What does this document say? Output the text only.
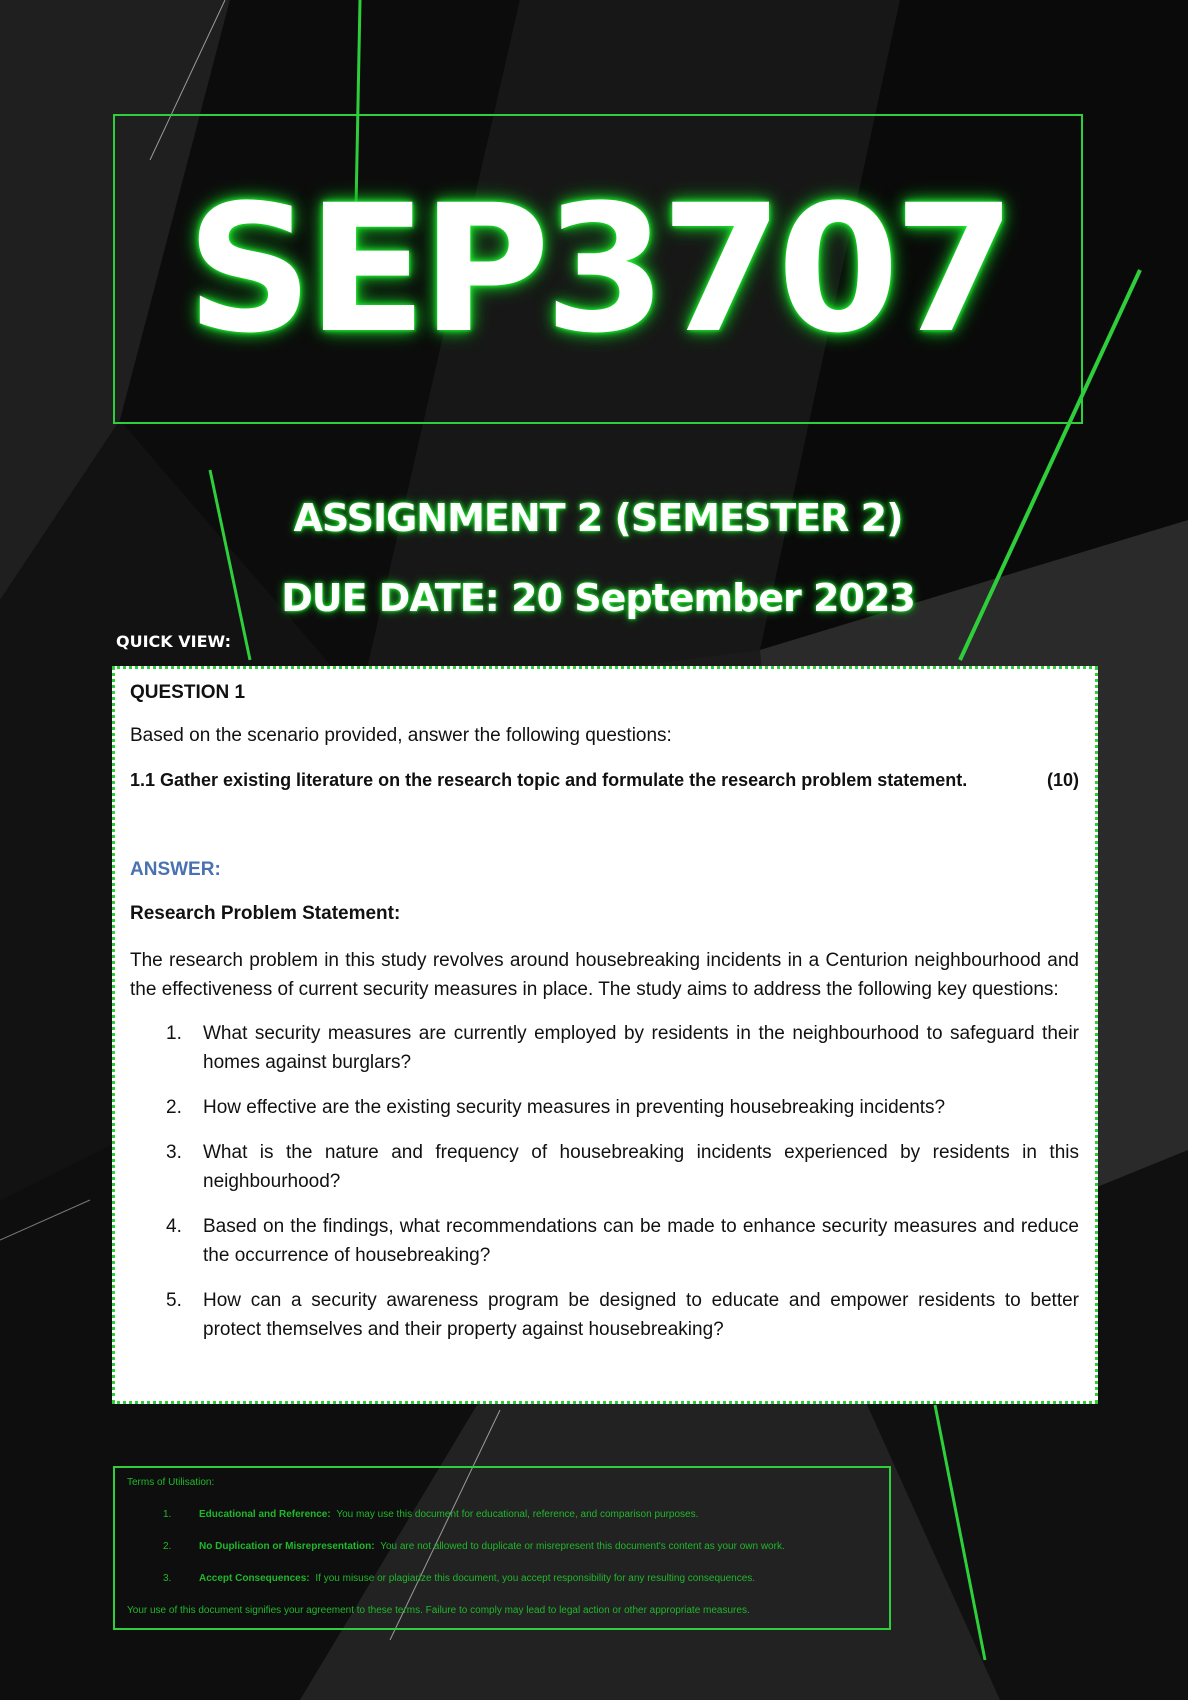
SEP3707
ASSIGNMENT 2 (SEMESTER 2)
DUE DATE: 20 September 2023
QUICK VIEW:
QUESTION 1
Based on the scenario provided, answer the following questions:
1.1 Gather existing literature on the research topic and formulate the research problem statement.	(10)
ANSWER:
Research Problem Statement:
The research problem in this study revolves around housebreaking incidents in a Centurion neighbourhood and the effectiveness of current security measures in place. The study aims to address the following key questions:
1.	What security measures are currently employed by residents in the neighbourhood to safeguard their homes against burglars?
2.	How effective are the existing security measures in preventing housebreaking incidents?
3.	What is the nature and frequency of housebreaking incidents experienced by residents in this neighbourhood?
4.	Based on the findings, what recommendations can be made to enhance security measures and reduce the occurrence of housebreaking?
5.	How can a security awareness program be designed to educate and empower residents to better protect themselves and their property against housebreaking?
Terms of Utilisation:
1.	Educational and Reference: You may use this document for educational, reference, and comparison purposes.
2.	No Duplication or Misrepresentation: You are not allowed to duplicate or misrepresent this document's content as your own work.
3.	Accept Consequences: If you misuse or plagiarize this document, you accept responsibility for any resulting consequences.
Your use of this document signifies your agreement to these terms. Failure to comply may lead to legal action or other appropriate measures.
